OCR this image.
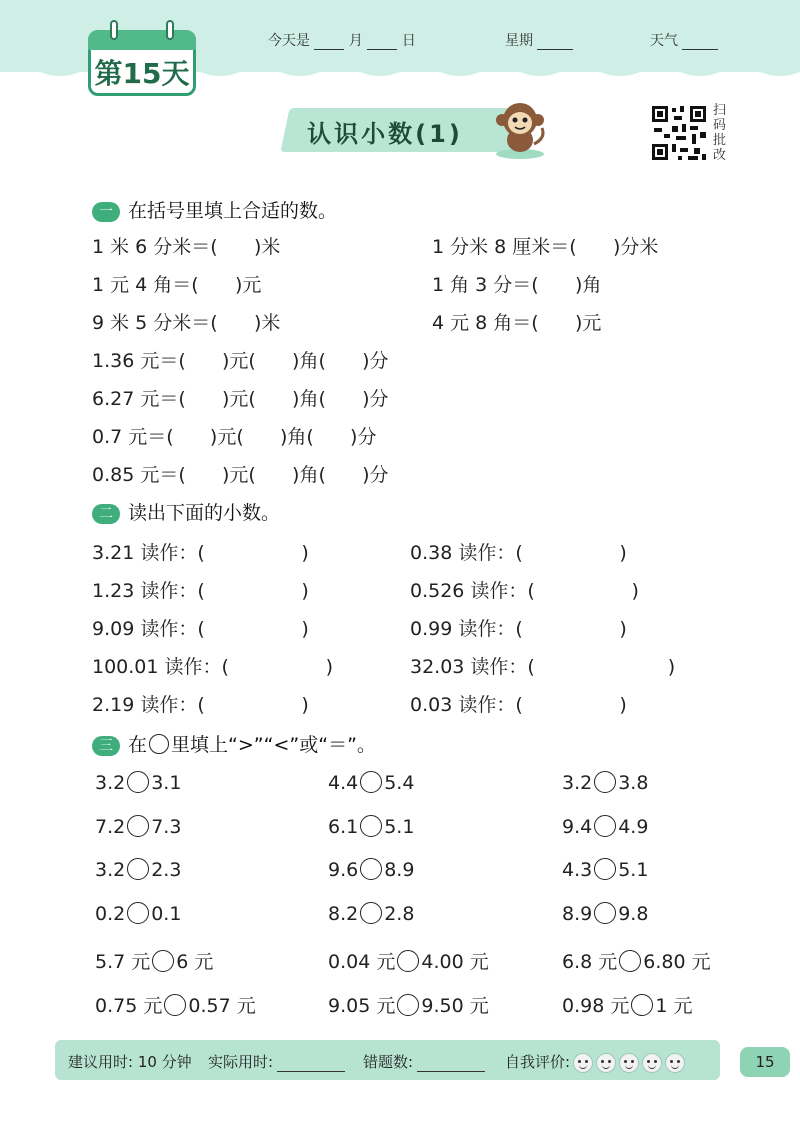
第15天
今天是	月	日	星期	天气
认识小数(1)
扫
码
批
改
一 在括号里填上合适的数。
1 米 6 分米＝(      )米	1 分米 8 厘米＝(      )分米
1 元 4 角＝(      )元	1 角 3 分＝(      )角
9 米 5 分米＝(      )米	4 元 8 角＝(      )元
1.36 元＝(      )元(      )角(      )分
6.27 元＝(      )元(      )角(      )分
0.7 元＝(      )元(      )角(      )分
0.85 元＝(      )元(      )角(      )分
二 读出下面的小数。
3.21 读作：(                )	0.38 读作：(                )
1.23 读作：(                )	0.526 读作：(                )
9.09 读作：(                )	0.99 读作：(                )
100.01 读作：(                )	32.03 读作：(                      )
2.19 读作：(                )	0.03 读作：(                )
三 在 里填上“>”“<”或“＝”。
3.2 3.1	4.4 5.4	3.2 3.8
7.2 7.3	6.1 5.1	9.4 4.9
3.2 2.3	9.6 8.9	4.3 5.1
0.2 0.1	8.2 2.8	8.9 9.8
5.7 元 6 元	0.04 元 4.00 元	6.8 元 6.80 元
0.75 元 0.57 元	9.05 元 9.50 元	0.98 元 1 元
建议用时: 10 分钟 实际用时:	错题数:	自我评价:	15
